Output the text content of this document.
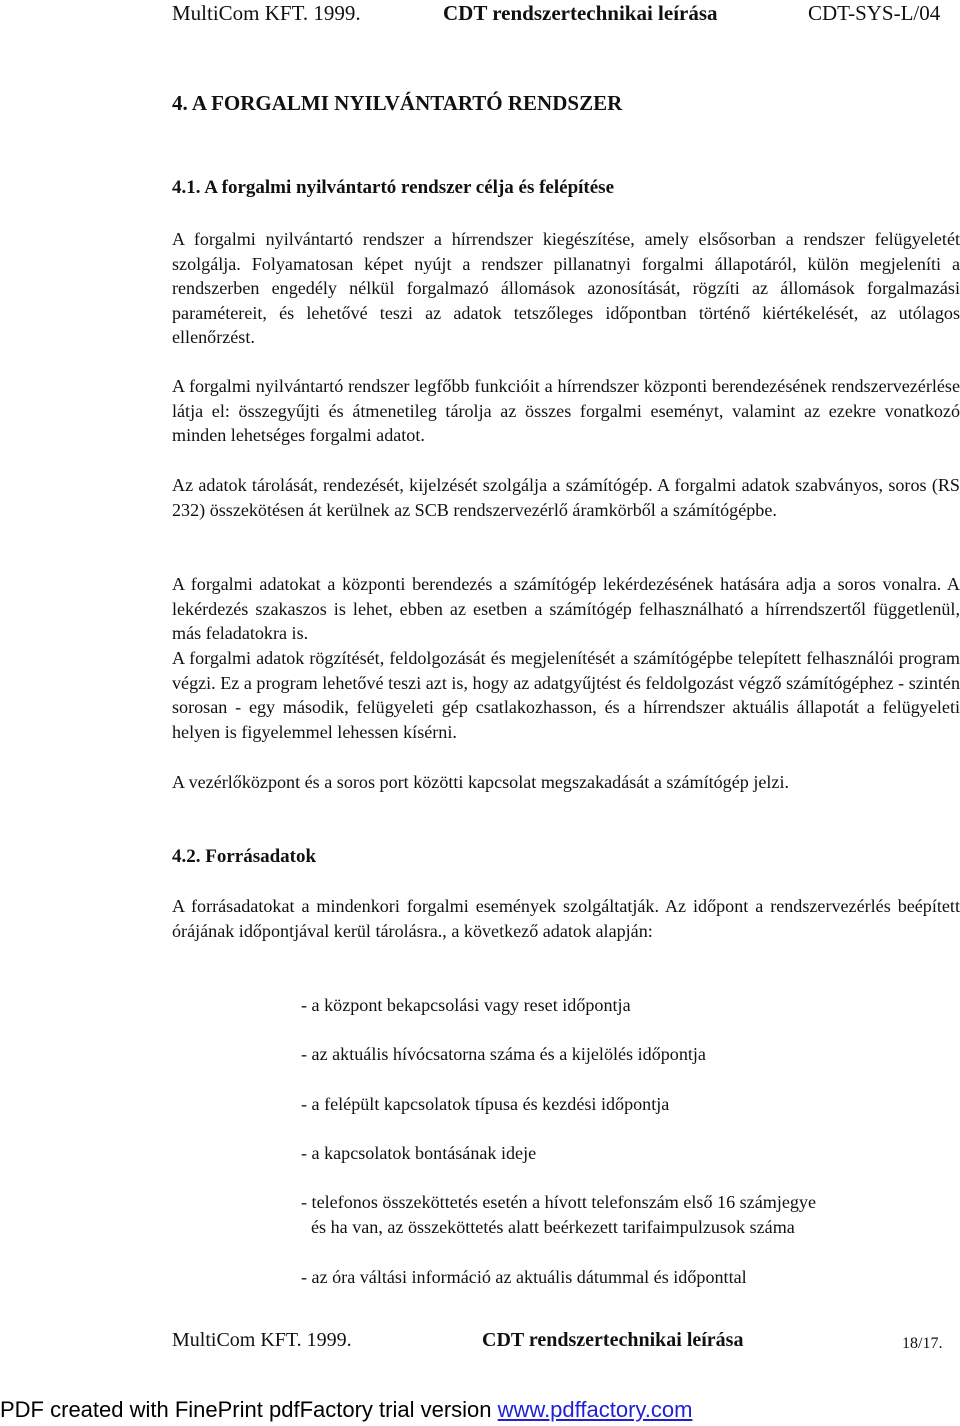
MultiCom KFT. 1999.	CDT rendszertechnikai leírása	CDT-SYS-L/04
4. A FORGALMI NYILVÁNTARTÓ RENDSZER
4.1. A forgalmi nyilvántartó rendszer célja és felépítése

A forgalmi nyilvántartó rendszer a hírrendszer kiegészítése, amely elsősorban a rendszer felügyeletét szolgálja. Folyamatosan képet nyújt a rendszer pillanatnyi forgalmi állapotáról, külön megjeleníti a rendszerben engedély nélkül forgalmazó állomások azonosítását, rögzíti az állomások forgalmazási paramétereit, és lehetővé teszi az adatok tetszőleges időpontban történő kiértékelését, az utólagos ellenőrzést.

A forgalmi nyilvántartó rendszer legfőbb funkcióit a hírrendszer központi berendezésének rendszervezérlése látja el: összegyűjti és átmenetileg tárolja az összes forgalmi eseményt, valamint az ezekre vonatkozó minden lehetséges forgalmi adatot.

Az adatok tárolását, rendezését, kijelzését szolgálja a számítógép. A forgalmi adatok szabványos, soros (RS 232) összekötésen át kerülnek az SCB rendszervezérlő áramkörből a számítógépbe.

A forgalmi adatokat a központi berendezés a számítógép lekérdezésének hatására adja a soros vonalra. A lekérdezés szakaszos is lehet, ebben az esetben a számítógép felhasználható a hírrendszertől függetlenül, más feladatokra is.

A forgalmi adatok rögzítését, feldolgozását és megjelenítését a számítógépbe telepített felhasználói program végzi. Ez a program lehetővé teszi azt is, hogy az adatgyűjtést és feldolgozást végző számítógéphez - szintén sorosan - egy második, felügyeleti gép csatlakozhasson, és a hírrendszer aktuális állapotát a felügyeleti helyen is figyelemmel lehessen kísérni.

A vezérlőközpont és a soros port közötti kapcsolat megszakadását a számítógép jelzi.

4.2. Forrásadatok

A forrásadatokat a mindenkori forgalmi események szolgáltatják. Az időpont a rendszervezérlés beépített órájának időpontjával kerül tárolásra., a következő adatok alapján:

- a központ bekapcsolási vagy reset időpontja
- az aktuális hívócsatorna száma és a kijelölés időpontja
- a felépült kapcsolatok típusa és kezdési időpontja
- a kapcsolatok bontásának ideje
- telefonos összeköttetés esetén a hívott telefonszám első 16 számjegye
és ha van, az összeköttetés alatt beérkezett tarifaimpulzusok száma
- az óra váltási információ az aktuális dátummal és időponttal
MultiCom KFT. 1999.	CDT rendszertechnikai leírása	18/17.
PDF created with FinePrint pdfFactory trial version www.pdffactory.com
